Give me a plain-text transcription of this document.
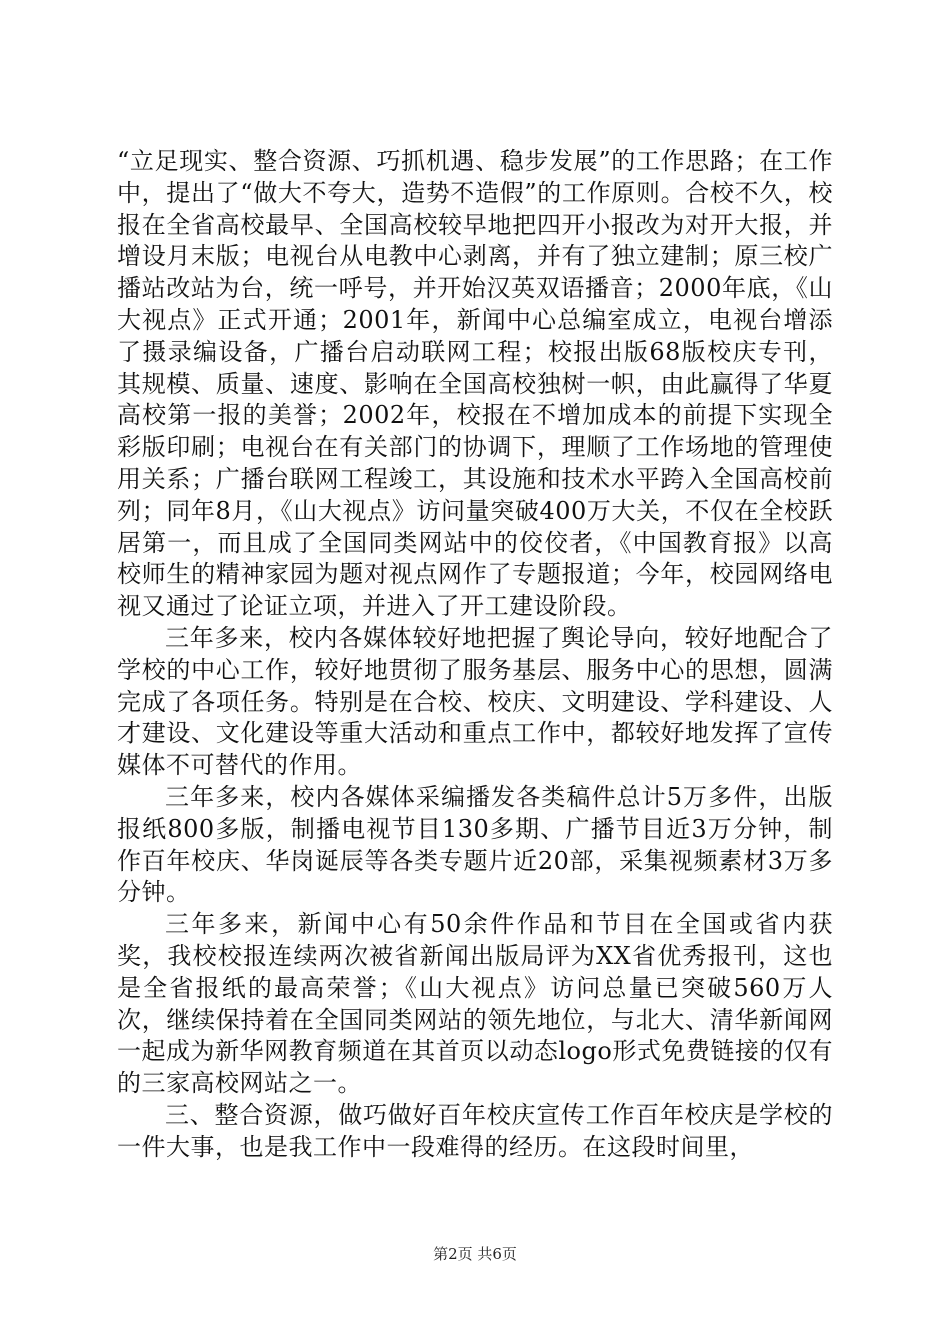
“立足现实、整合资源、巧抓机遇、稳步发展”的工作思路；在工作中，提出了“做大不夸大，造势不造假”的工作原则。合校不久，校报在全省高校最早、全国高校较早地把四开小报改为对开大报，并增设月末版；电视台从电教中心剥离，并有了独立建制；原三校广播站改站为台，统一呼号，并开始汉英双语播音；2000年底，《山大视点》正式开通；2001年，新闻中心总编室成立，电视台增添了摄录编设备，广播台启动联网工程；校报出版68版校庆专刊，其规模、质量、速度、影响在全国高校独树一帜，由此赢得了华夏高校第一报的美誉；2002年，校报在不增加成本的前提下实现全彩版印刷；电视台在有关部门的协调下，理顺了工作场地的管理使用关系；广播台联网工程竣工，其设施和技术水平跨入全国高校前列；同年8月，《山大视点》访问量突破400万大关，不仅在全校跃居第一，而且成了全国同类网站中的佼佼者，《中国教育报》以高校师生的精神家园为题对视点网作了专题报道；今年，校园网络电视又通过了论证立项，并进入了开工建设阶段。

三年多来，校内各媒体较好地把握了舆论导向，较好地配合了学校的中心工作，较好地贯彻了服务基层、服务中心的思想，圆满完成了各项任务。特别是在合校、校庆、文明建设、学科建设、人才建设、文化建设等重大活动和重点工作中，都较好地发挥了宣传媒体不可替代的作用。

三年多来，校内各媒体采编播发各类稿件总计5万多件，出版报纸800多版，制播电视节目130多期、广播节目近3万分钟，制作百年校庆、华岗诞辰等各类专题片近20部，采集视频素材3万多分钟。

三年多来，新闻中心有50余件作品和节目在全国或省内获奖，我校校报连续两次被省新闻出版局评为XX省优秀报刊，这也是全省报纸的最高荣誉；《山大视点》访问总量已突破560万人次，继续保持着在全国同类网站的领先地位，与北大、清华新闻网一起成为新华网教育频道在其首页以动态logo形式免费链接的仅有的三家高校网站之一。

三、整合资源，做巧做好百年校庆宣传工作百年校庆是学校的一件大事，也是我工作中一段难得的经历。在这段时间里，

第2页 共6页
